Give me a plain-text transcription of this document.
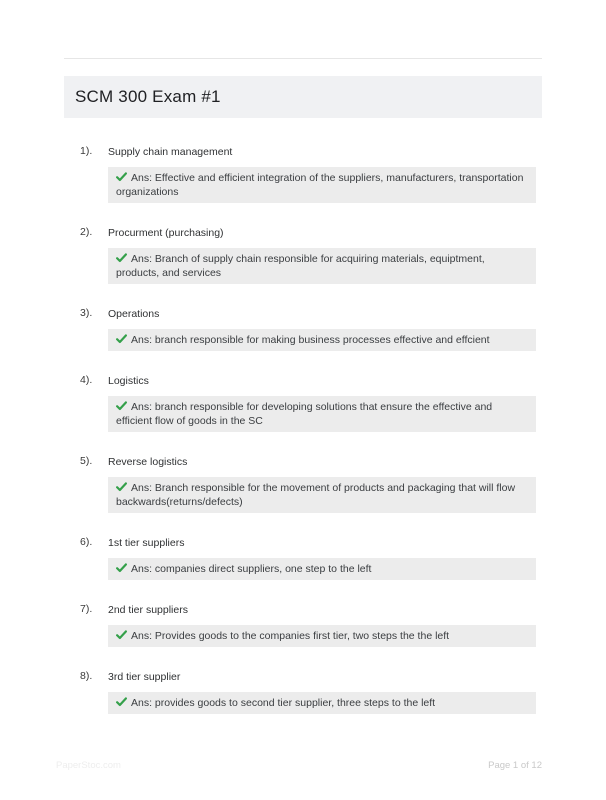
SCM 300 Exam #1
1).	Supply chain management
Ans: Effective and efficient integration of the suppliers, manufacturers, transportation organizations
2).	Procurment (purchasing)
Ans: Branch of supply chain responsible for acquiring materials, equiptment, products, and services
3).	Operations
Ans: branch responsible for making business processes effective and effcient
4).	Logistics
Ans: branch responsible for developing solutions that ensure the effective and efficient flow of goods in the SC
5).	Reverse logistics
Ans: Branch responsible for the movement of products and packaging that will flow backwards(returns/defects)
6).	1st tier suppliers
Ans: companies direct suppliers, one step to the left
7).	2nd tier suppliers
Ans: Provides goods to the companies first tier, two steps the the left
8).	3rd tier supplier
Ans: provides goods to second tier supplier, three steps to the left
PaperStoc.com	Page 1 of 12
